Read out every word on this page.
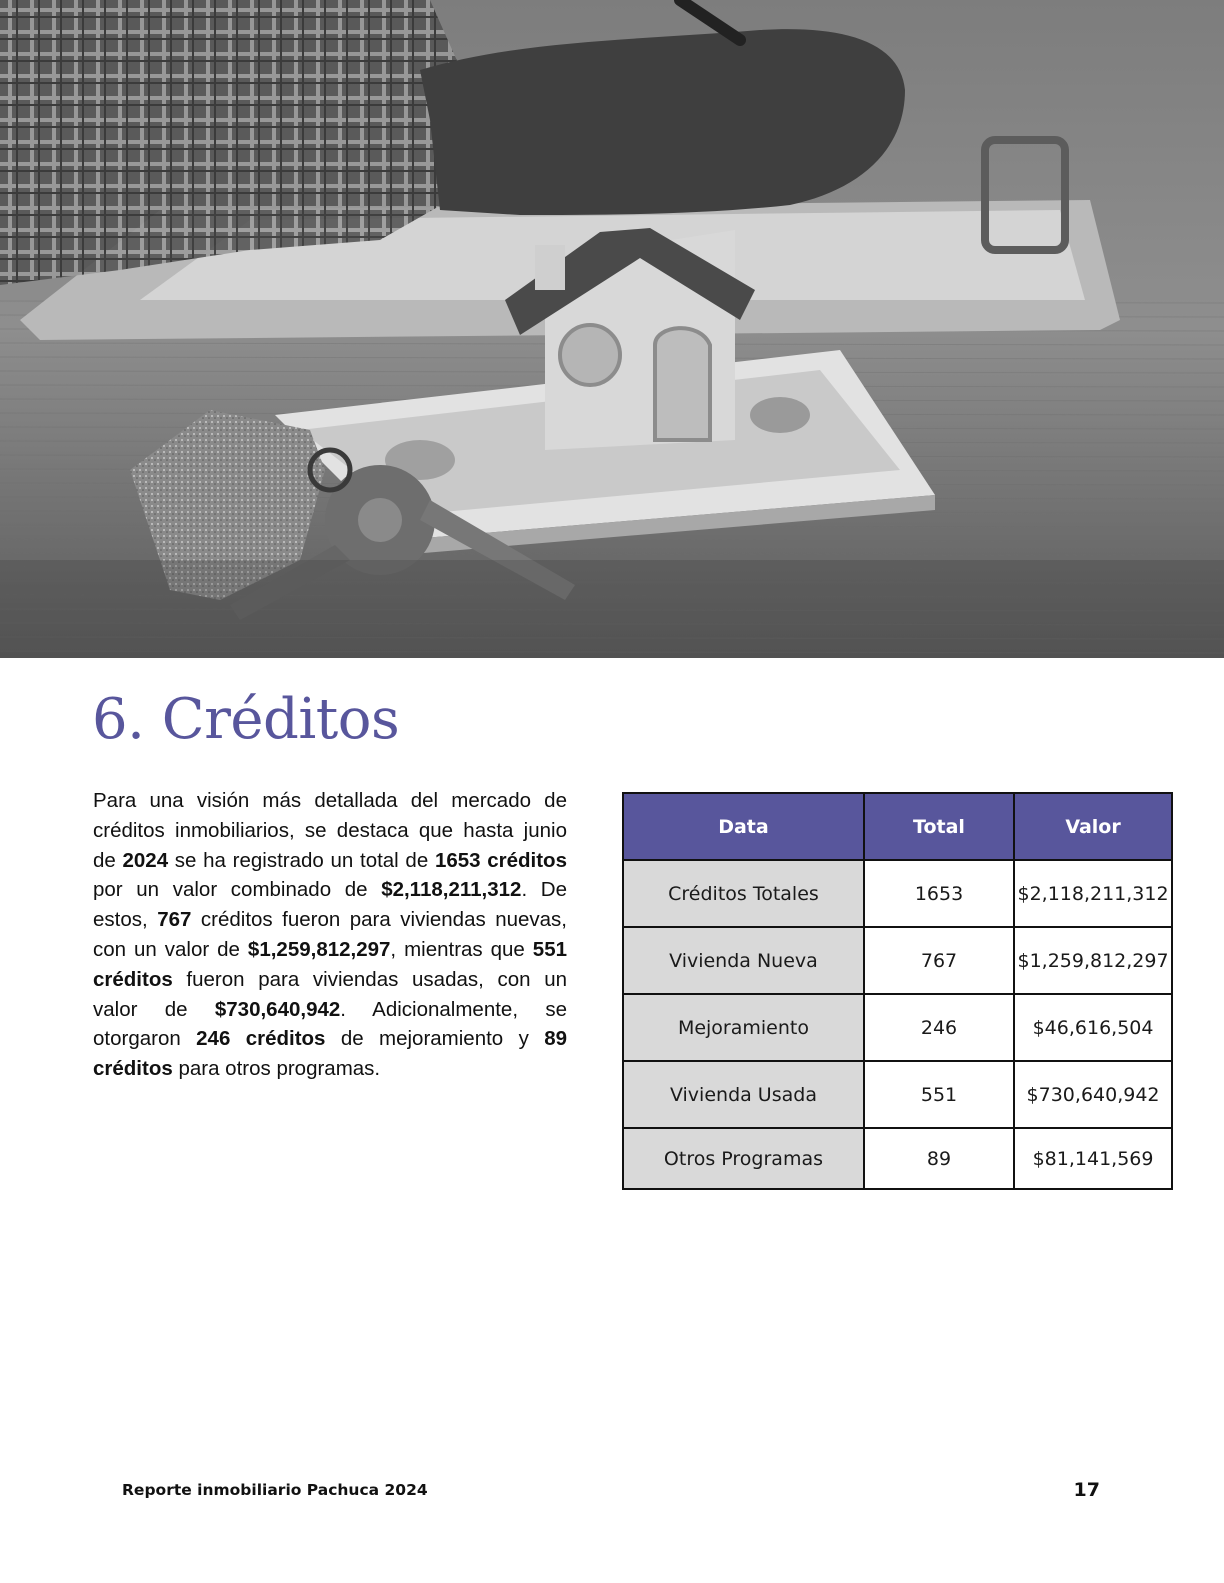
6. Créditos

Para una visión más detallada del mercado de créditos inmobiliarios, se destaca que hasta junio de 2024 se ha registrado un total de 1653 créditos por un valor combinado de $2,118,211,312. De estos, 767 créditos fueron para viviendas nuevas, con un valor de $1,259,812,297, mientras que 551 créditos fueron para viviendas usadas, con un valor de $730,640,942. Adicionalmente, se otorgaron 246 créditos de mejoramiento y 89 créditos para otros programas.

Data	Total	Valor
Créditos Totales	1653	$2,118,211,312
Vivienda Nueva	767	$1,259,812,297
Mejoramiento	246	$46,616,504
Vivienda Usada	551	$730,640,942
Otros Programas	89	$81,141,569
Reporte inmobiliario Pachuca 2024	17
